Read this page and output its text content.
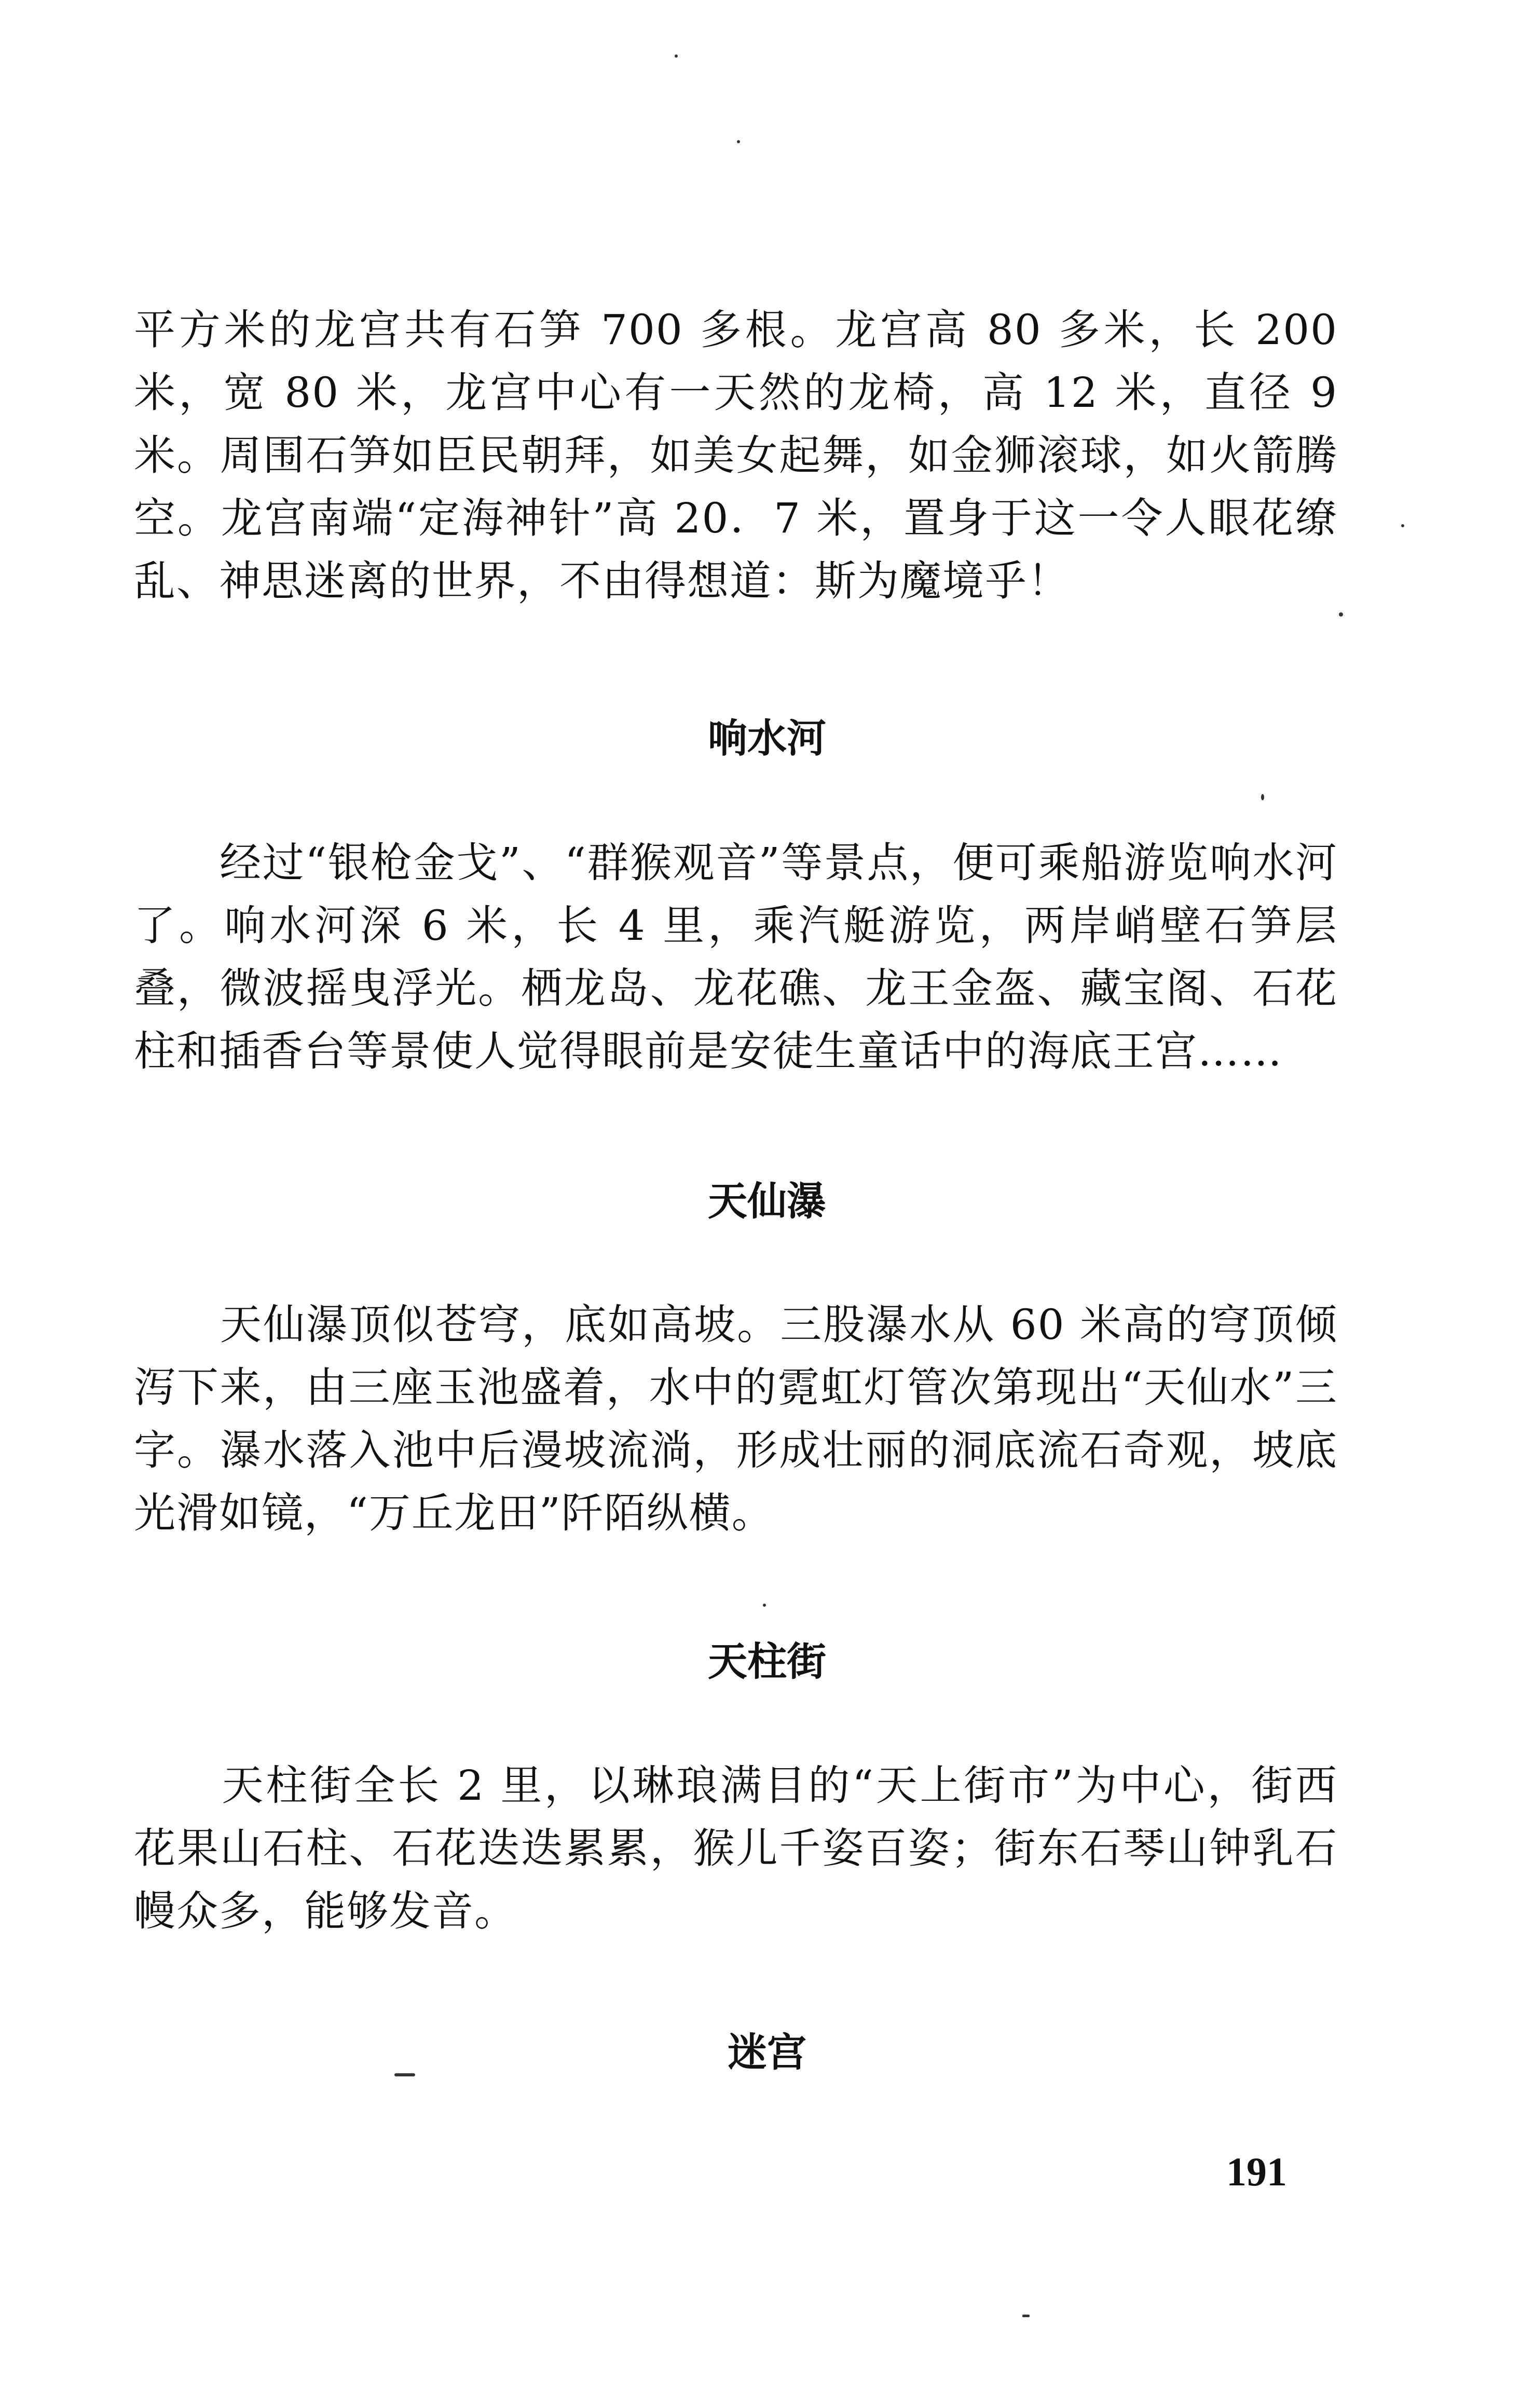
平方米的龙宫共有石笋 700 多根。龙宫高 80 多米，长 200 米，宽 80 米，龙宫中心有一天然的龙椅，高 12 米，直径 9 米。周围石笋如臣民朝拜，如美女起舞，如金狮滚球，如火箭腾空。龙宫南端“定海神针”高 20．7 米，置身于这一令人眼花缭乱、神思迷离的世界，不由得想道：斯为魔境乎！

响水河

　　经过“银枪金戈”、“群猴观音”等景点，便可乘船游览响水河了。响水河深 6 米，长 4 里，乘汽艇游览，两岸峭壁石笋层叠，微波摇曳浮光。栖龙岛、龙花礁、龙王金盔、藏宝阁、石花柱和插香台等景使人觉得眼前是安徒生童话中的海底王宫……

天仙瀑

　　天仙瀑顶似苍穹，底如高坡。三股瀑水从 60 米高的穹顶倾泻下来，由三座玉池盛着，水中的霓虹灯管次第现出“天仙水”三字。瀑水落入池中后漫坡流淌，形成壮丽的洞底流石奇观，坡底光滑如镜，“万丘龙田”阡陌纵横。

天柱街

　　天柱街全长 2 里，以琳琅满目的“天上街市”为中心，街西花果山石柱、石花迭迭累累，猴儿千姿百姿；街东石琴山钟乳石幔众多，能够发音。

迷宫
191
